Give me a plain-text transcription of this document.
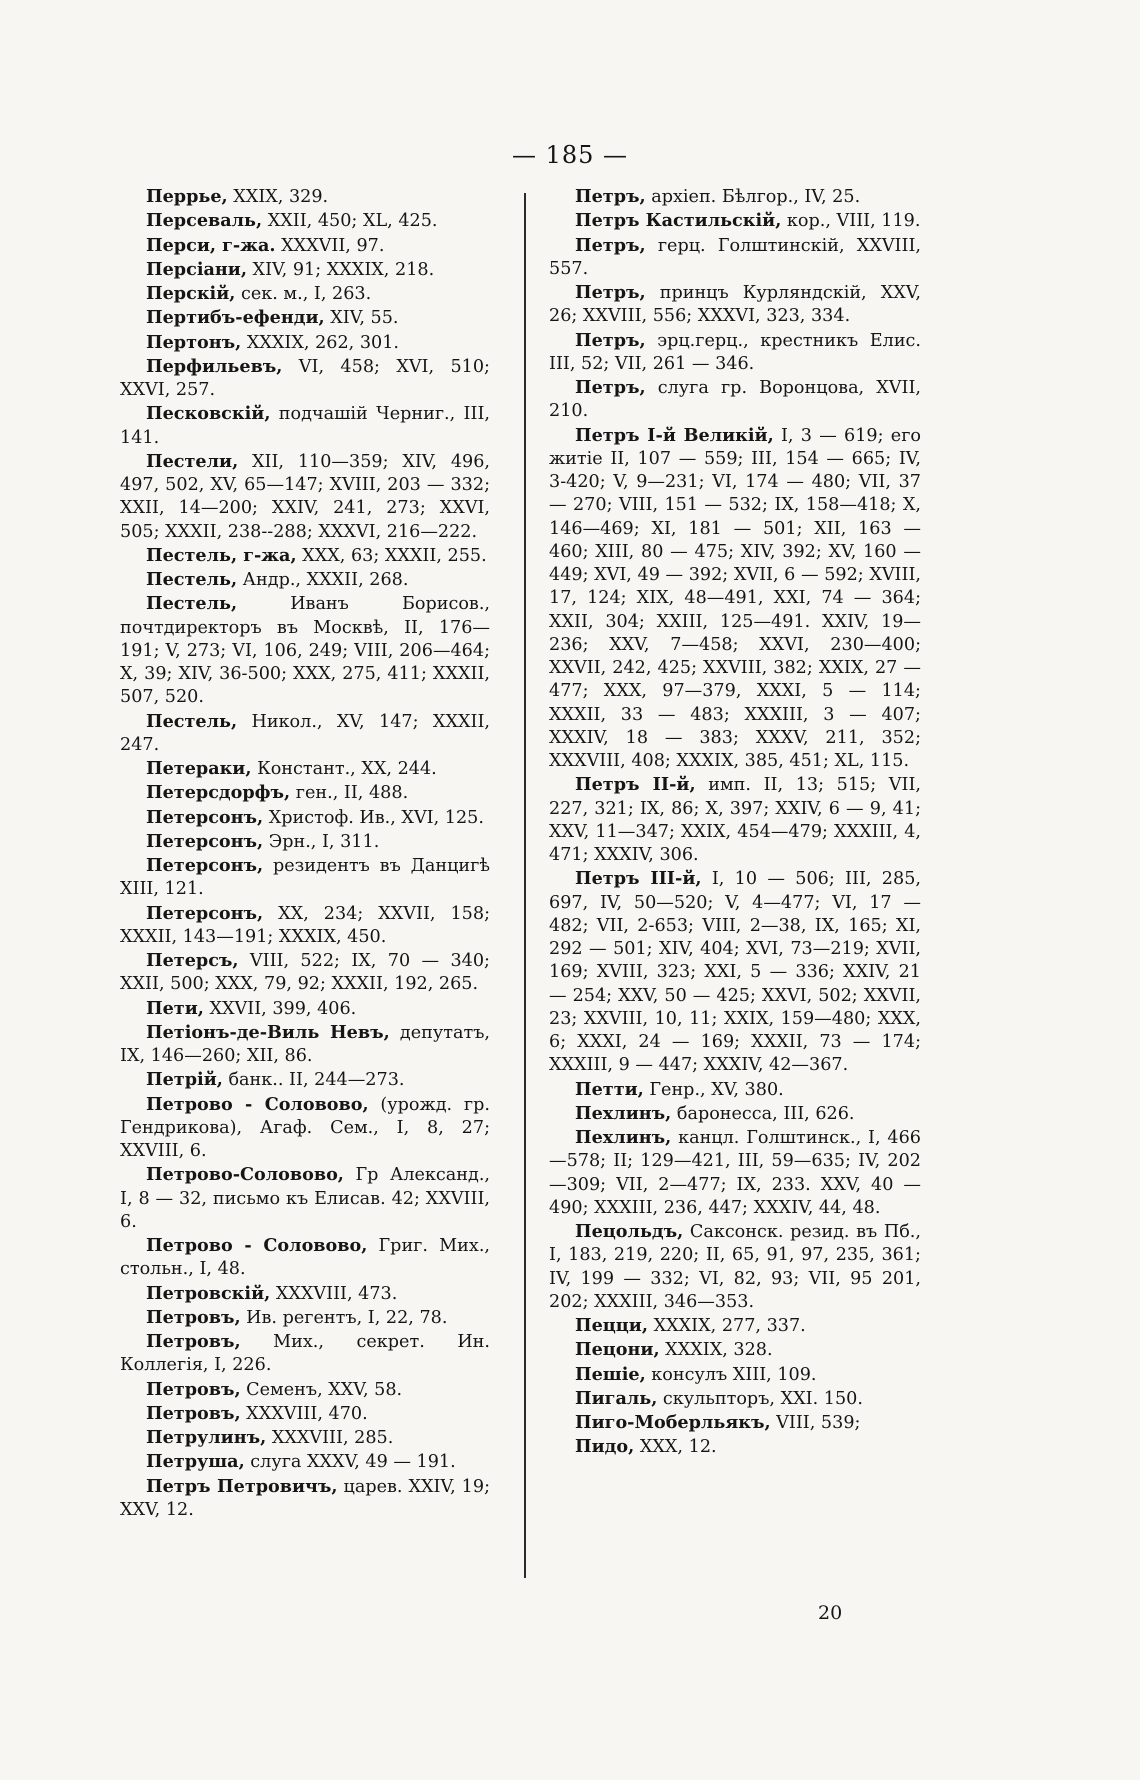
— 185 —

Перрье, XXIX, 329.

Персеваль, XXII, 450; XL, 425.

Перси, г-жа. XXXVII, 97.

Персіани, XIV, 91; XXXIX, 218.

Перскій, сек. м., I, 263.

Пертибъ-ефенди, XIV, 55.

Пертонъ, XXXIX, 262, 301.

Перфильевъ, VI, 458; XVI, 510; XXVI, 257.

Песковскій, подчашій Черниг., III, 141.

Пестели, XII, 110—359; XIV, 496, 497, 502, XV, 65—147; XVIII, 203 — 332; XXII, 14—200; XXIV, 241, 273; XXVI, 505; XXXII, 238--288; XXXVI, 216—222.

Пестель, г-жа, XXX, 63; XXXII, 255.

Пестель, Андр., XXXII, 268.

Пестель, Иванъ Борисов., почтдиректоръ въ Москвѣ, II, 176—191; V, 273; VI, 106, 249; VIII, 206—464; X, 39; XIV, 36-500; XXX, 275, 411; XXXII, 507, 520.

Пестель, Никол., XV, 147; XXXII, 247.

Петераки, Констант., XX, 244.

Петерсдорфъ, ген., II, 488.

Петерсонъ, Христоф. Ив., XVI, 125.

Петерсонъ, Эрн., I, 311.

Петерсонъ, резидентъ въ Данцигѣ XIII, 121.

Петерсонъ, XX, 234; XXVII, 158; XXXII, 143—191; XXXIX, 450.

Петерсъ, VIII, 522; IX, 70 — 340; XXII, 500; XXX, 79, 92; XXXII, 192, 265.

Пети, XXVII, 399, 406.

Петіонъ-де-Виль Невъ, депутатъ, IX, 146—260; XII, 86.

Петрій, банк.. II, 244—273.

Петрово - Соловово, (урожд. гр. Гендрикова), Агаф. Сем., I, 8, 27; XXVIII, 6.

Петрово-Соловово, Гр Александ., I, 8 — 32, письмо къ Елисав. 42; XXVIII, 6.

Петрово - Соловово, Григ. Мих., стольн., I, 48.

Петровскій, XXXVIII, 473.

Петровъ, Ив. регентъ, I, 22, 78.

Петровъ, Мих., секрет. Ин. Коллегія, I, 226.

Петровъ, Семенъ, XXV, 58.

Петровъ, XXXVIII, 470.

Петрулинъ, XXXVIII, 285.

Петруша, слуга XXXV, 49 — 191.

Петръ Петровичъ, царев. XXIV, 19; XXV, 12.

Петръ, архіеп. Бѣлгор., IV, 25.

Петръ Кастильскій, кор., VIII, 119.

Петръ, герц. Голштинскій, XXVIII, 557.

Петръ, принцъ Курляндскій, XXV, 26; XXVIII, 556; XXXVI, 323, 334.

Петръ, эрц.герц., крестникъ Елис. III, 52; VII, 261 — 346.

Петръ, слуга гр. Воронцова, XVII, 210.

Петръ I-й Великій, I, 3 — 619; его житіе II, 107 — 559; III, 154 — 665; IV, 3-420; V, 9—231; VI, 174 — 480; VII, 37 — 270; VIII, 151 — 532; IX, 158—418; X, 146—469; XI, 181 — 501; XII, 163 — 460; XIII, 80 — 475; XIV, 392; XV, 160 — 449; XVI, 49 — 392; XVII, 6 — 592; XVIII, 17, 124; XIX, 48—491, XXI, 74 — 364; XXII, 304; XXIII, 125—491. XXIV, 19—236; XXV, 7—458; XXVI, 230—400; XXVII, 242, 425; XXVIII, 382; XXIX, 27 — 477; XXX, 97—379, XXXI, 5 — 114; XXXII, 33 — 483; XXXIII, 3 — 407; XXXIV, 18 — 383; XXXV, 211, 352; XXXVIII, 408; XXXIX, 385, 451; XL, 115.

Петръ II-й, имп. II, 13; 515; VII, 227, 321; IX, 86; X, 397; XXIV, 6 — 9, 41; XXV, 11—347; XXIX, 454—479; XXXIII, 4, 471; XXXIV, 306.

Петръ III-й, I, 10 — 506; III, 285, 697, IV, 50—520; V, 4—477; VI, 17 — 482; VII, 2-653; VIII, 2—38, IX, 165; XI, 292 — 501; XIV, 404; XVI, 73—219; XVII, 169; XVIII, 323; XXI, 5 — 336; XXIV, 21 — 254; XXV, 50 — 425; XXVI, 502; XXVII, 23; XXVIII, 10, 11; XXIX, 159—480; XXX, 6; XXXI, 24 — 169; XXXII, 73 — 174; XXXIII, 9 — 447; XXXIV, 42—367.

Петти, Генр., XV, 380.

Пехлинъ, баронесса, III, 626.

Пехлинъ, канцл. Голштинск., I, 466—578; II; 129—421, III, 59—635; IV, 202—309; VII, 2—477; IX, 233. XXV, 40 — 490; XXXIII, 236, 447; XXXIV, 44, 48.

Пецольдъ, Саксонск. резид. въ Пб., I, 183, 219, 220; II, 65, 91, 97, 235, 361; IV, 199 — 332; VI, 82, 93; VII, 95 201, 202; XXXIII, 346—353.

Пецци, XXXIX, 277, 337.

Пецони, XXXIX, 328.

Пешіе, консулъ XIII, 109.

Пигаль, скульпторъ, XXI. 150.

Пиго-Моберльякъ, VIII, 539;

Пидо, XXX, 12.

20
